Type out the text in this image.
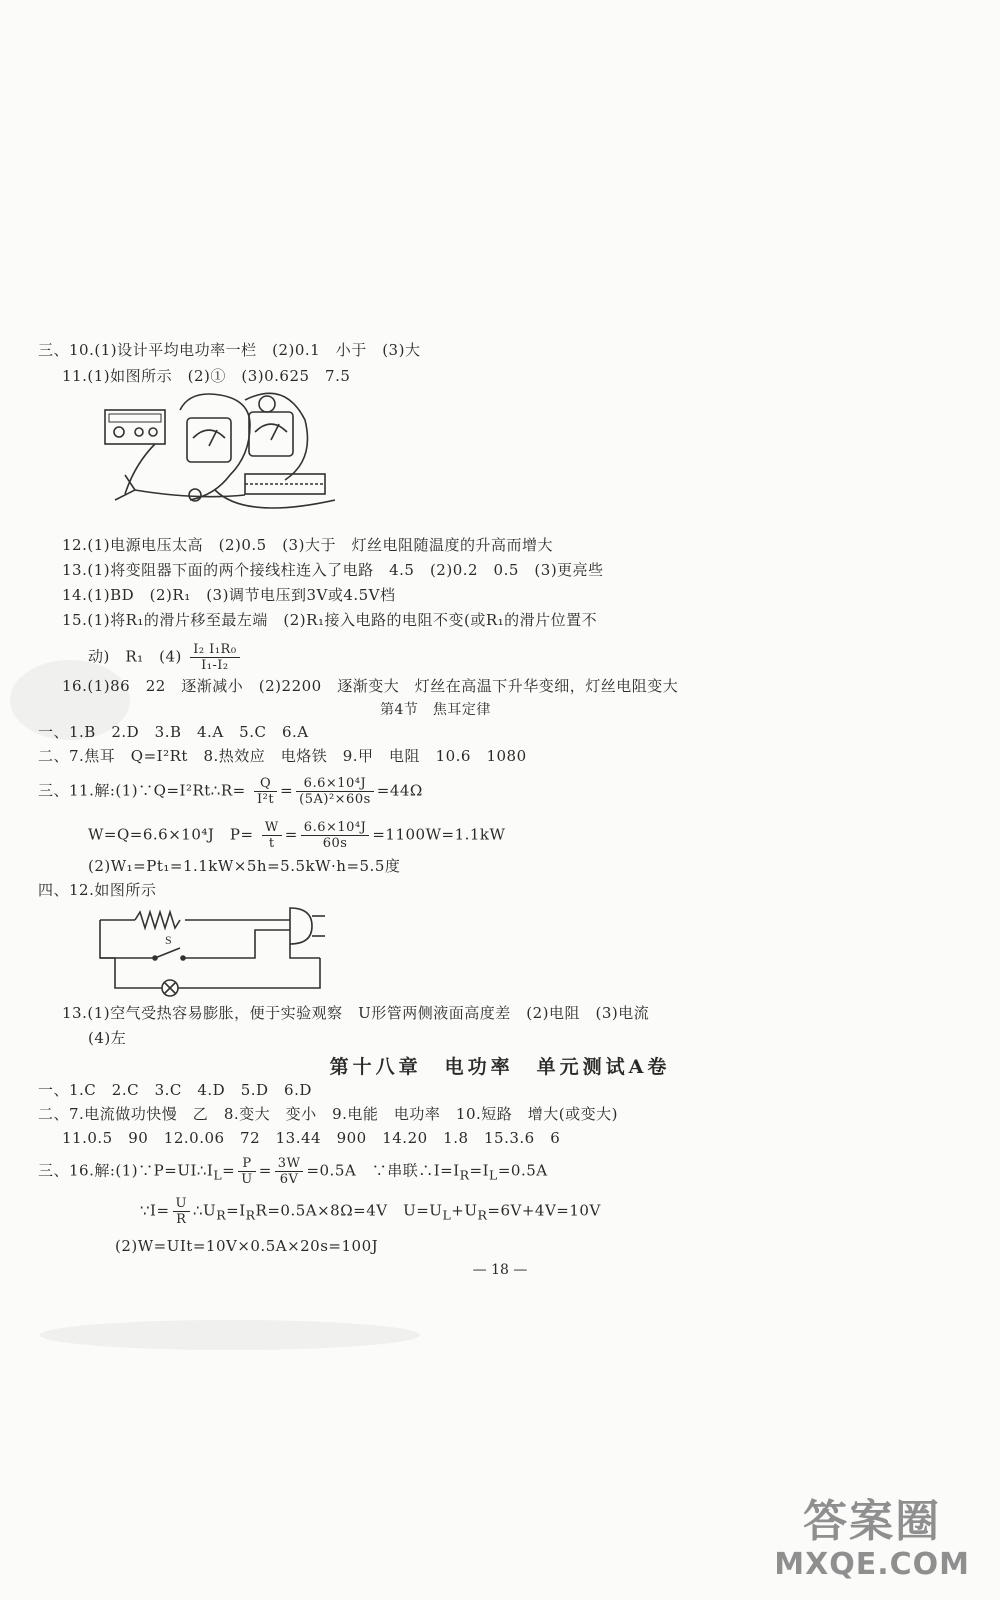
三、10.(1)设计平均电功率一栏　(2)0.1　小于　(3)大
11.(1)如图所示　(2)①　(3)0.625　7.5
12.(1)电源电压太高　(2)0.5　(3)大于　灯丝电阻随温度的升高而增大
13.(1)将变阻器下面的两个接线柱连入了电路　4.5　(2)0.2　0.5　(3)更亮些
14.(1)BD　(2)R₁　(3)调节电压到3V或4.5V档
15.(1)将R₁的滑片移至最左端　(2)R₁接入电路的电阻不变(或R₁的滑片位置不
动)　R₁　$(4) \frac{\text{I₂ I₁R₀}}{\text{I₁-I₂}}$
16.(1)86　22　逐渐减小　(2)2200　逐渐变大　灯丝在高温下升华变细，灯丝电阻变大
第4节　焦耳定律
一、1.B　2.D　3.B　4.A　5.C　6.A
二、7.焦耳　Q=I²Rt　8.热效应　电烙铁　9.甲　电阻　10.6　1080
三、11.解:(1)∵Q=I²Rt∴R= $\frac{Q}{\text{I²t}} = \frac{\text{6.6×10⁴J}}{\text{(5A)²×60s}} =44\Omega$
W=Q=6.6×10⁴J　$P= \frac{W}{t} = \frac{\text{6.6×10⁴J}}{60s} =1100W=1.1kW$
(2)W₁=Pt₁=1.1kW×5h=5.5kW·h=5.5度
四、12.如图所示
S
13.(1)空气受热容易膨胀，便于实验观察　U形管两侧液面高度差　(2)电阻　(3)电流
(4)左
第十八章　电功率　单元测试A卷
一、1.C　2.C　3.C　4.D　5.D　6.D
二、7.电流做功快慢　乙　8.变大　变小　9.电能　电功率　10.短路　增大(或变大)
11.0.5　90　12.0.06　72　13.44　900　14.20　1.8　15.3.6　6
三、16.解$:(1)\because P=UI\therefore I_L= \frac{P}{U} = \frac{3W}{6V} =0.5A$　∵串联$\therefore I=I_R=I_L=0.5A$
∵I= $\frac{U}{R}$ $\therefore U_R=I_RR=0.5A\times 8\Omega=4V$　$U=U_L+U_R=6V+4V=10V$
(2)W=UIt=10V×0.5A×20s=100J
— 18 —
答案圈
MXQE.COM
